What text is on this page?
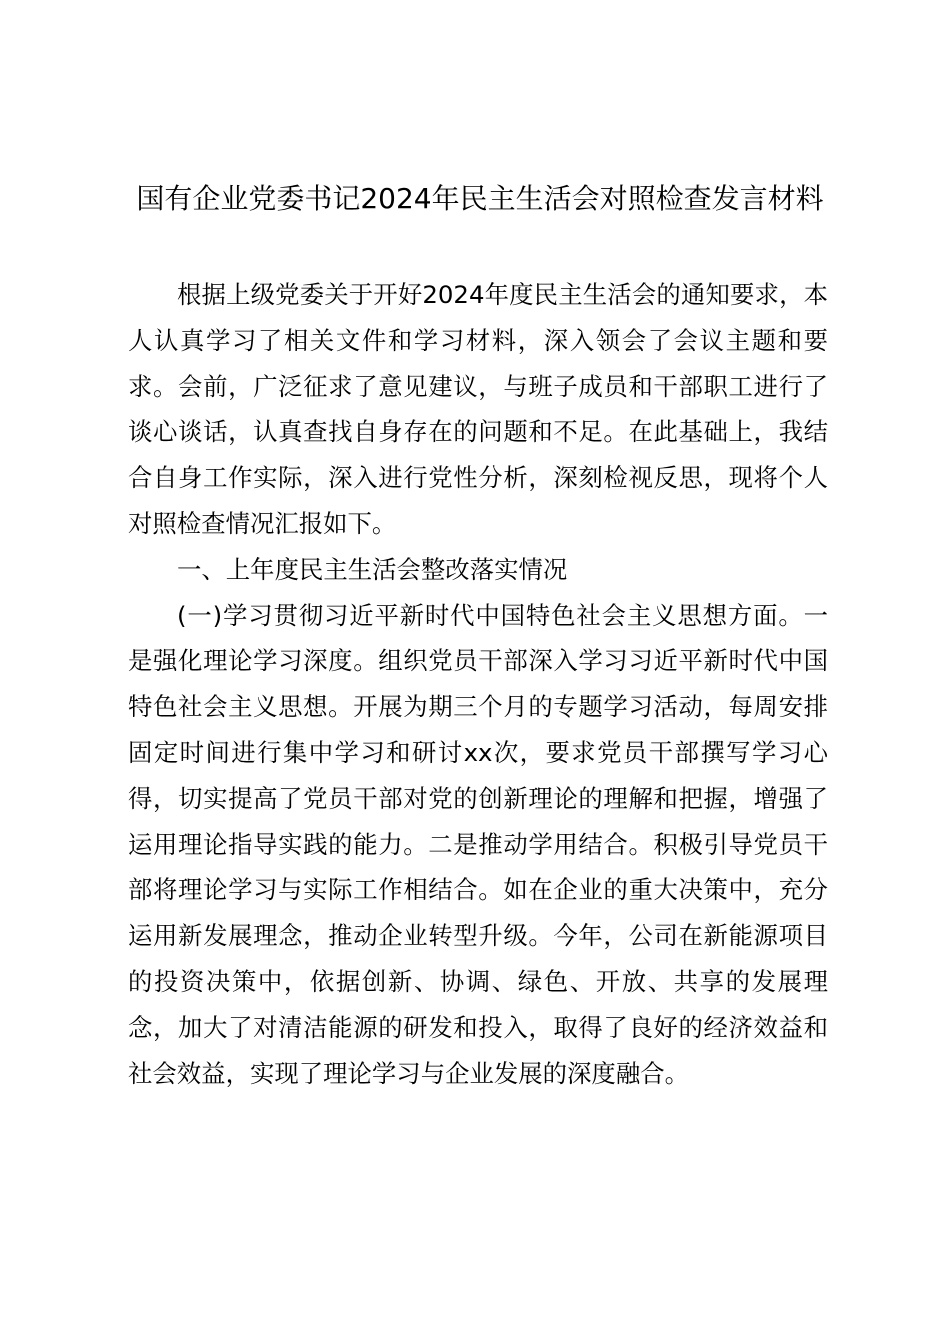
国有企业党委书记2024年民主生活会对照检查发言材料

根据上级党委关于开好2024年度民主生活会的通知要求，本人认真学习了相关文件和学习材料，深入领会了会议主题和要求。会前，广泛征求了意见建议，与班子成员和干部职工进行了谈心谈话，认真查找自身存在的问题和不足。在此基础上，我结合自身工作实际，深入进行党性分析，深刻检视反思，现将个人对照检查情况汇报如下。

一、上年度民主生活会整改落实情况

(一)学习贯彻习近平新时代中国特色社会主义思想方面。一是强化理论学习深度。组织党员干部深入学习习近平新时代中国特色社会主义思想。开展为期三个月的专题学习活动，每周安排固定时间进行集中学习和研讨xx次，要求党员干部撰写学习心得，切实提高了党员干部对党的创新理论的理解和把握，增强了运用理论指导实践的能力。二是推动学用结合。积极引导党员干部将理论学习与实际工作相结合。如在企业的重大决策中，充分运用新发展理念，推动企业转型升级。今年，公司在新能源项目的投资决策中，依据创新、协调、绿色、开放、共享的发展理念，加大了对清洁能源的研发和投入，取得了良好的经济效益和社会效益，实现了理论学习与企业发展的深度融合。
